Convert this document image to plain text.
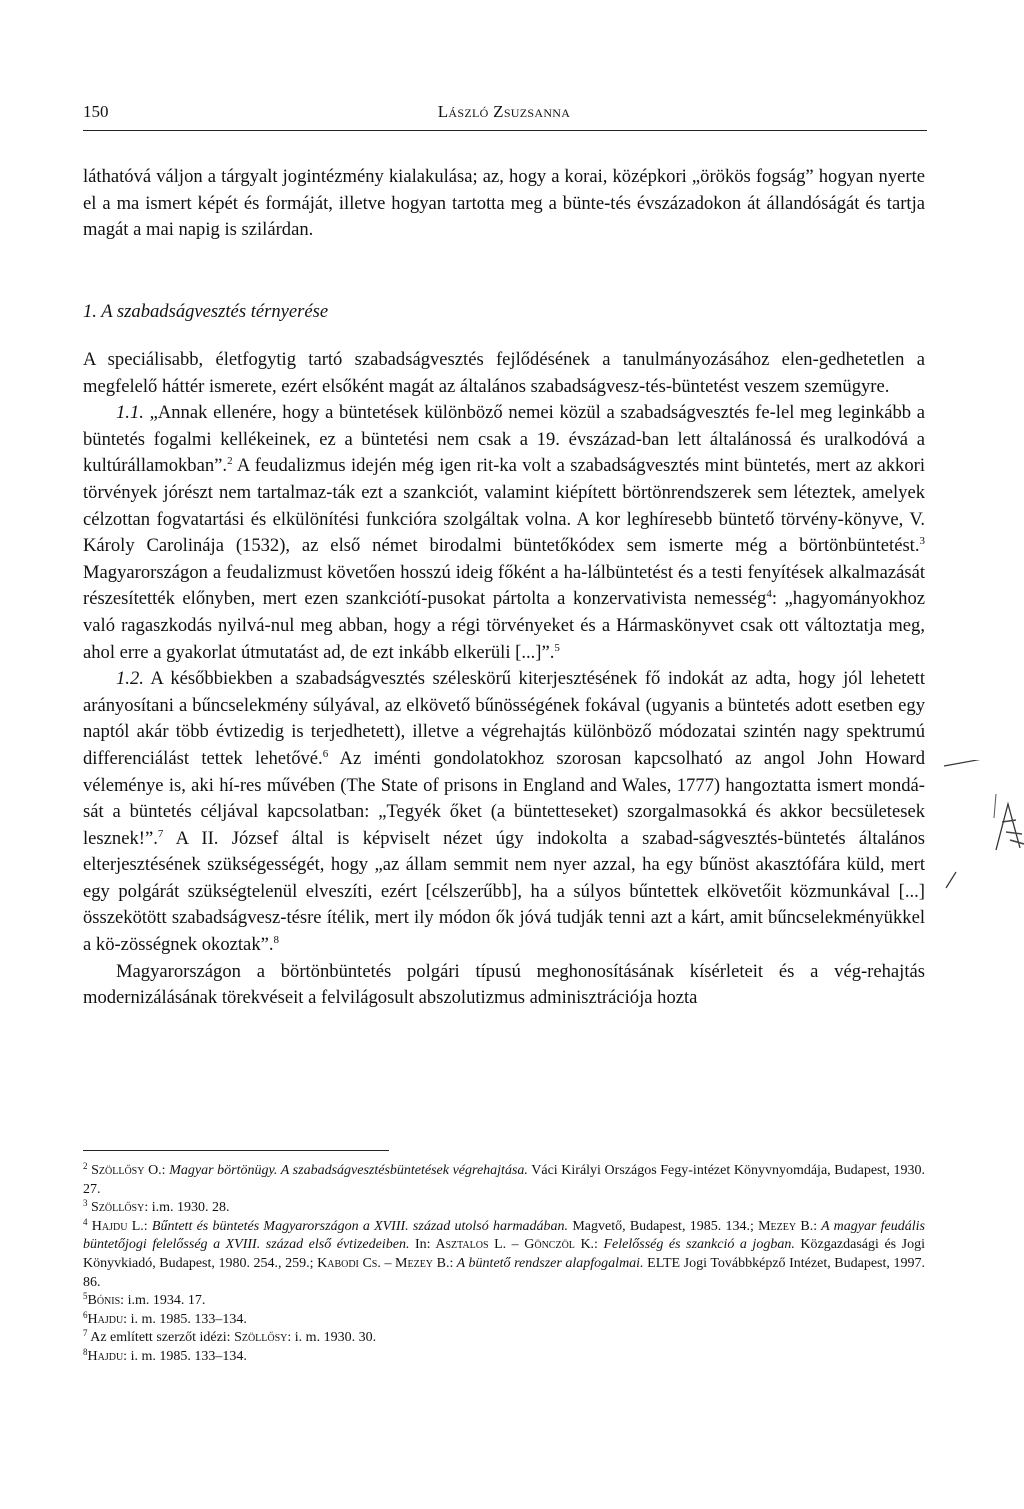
150	László Zsuzsanna

láthatóvá váljon a tárgyalt jogintézmény kialakulása; az, hogy a korai, középkori „örökös fogság” hogyan nyerte el a ma ismert képét és formáját, illetve hogyan tartotta meg a bünte-tés évszázadokon át állandóságát és tartja magát a mai napig is szilárdan.

1. A szabadságvesztés térnyerése

A speciálisabb, életfogytig tartó szabadságvesztés fejlődésének a tanulmányozásához elen-gedhetetlen a megfelelő háttér ismerete, ezért elsőként magát az általános szabadságvesz-tés-büntetést veszem szemügyre.

1.1. „Annak ellenére, hogy a büntetések különböző nemei közül a szabadságvesztés fe-lel meg leginkább a büntetés fogalmi kellékeinek, ez a büntetési nem csak a 19. évszázad-ban lett általánossá és uralkodóvá a kultúrállamokban”.$^2$ A feudalizmus idején még igen rit-ka volt a szabadságvesztés mint büntetés, mert az akkori törvények jórészt nem tartalmaz-ták ezt a szankciót, valamint kiépített börtönrendszerek sem léteztek, amelyek célzottan fogvatartási és elkülönítési funkcióra szolgáltak volna. A kor leghíresebb büntető törvény-könyve, V. Károly Carolinája (1532), az első német birodalmi büntetőkódex sem ismerte még a börtönbüntetést.$^3$ Magyarországon a feudalizmust követően hosszú ideig főként a ha-lálbüntetést és a testi fenyítések alkalmazását részesítették előnyben, mert ezen szankciótí-pusokat pártolta a konzervativista nemesség$^4$: „hagyományokhoz való ragaszkodás nyilvá-nul meg abban, hogy a régi törvényeket és a Hármaskönyvet csak ott változtatja meg, ahol erre a gyakorlat útmutatást ad, de ezt inkább elkerüli [...]”.$^5$

1.2. A későbbiekben a szabadságvesztés széleskörű kiterjesztésének fő indokát az adta, hogy jól lehetett arányosítani a bűncselekmény súlyával, az elkövető bűnösségének fokával (ugyanis a büntetés adott esetben egy naptól akár több évtizedig is terjedhetett), illetve a végrehajtás különböző módozatai szintén nagy spektrumú differenciálást tettek lehetővé.$^6$ Az iménti gondolatokhoz szorosan kapcsolható az angol John Howard véleménye is, aki hí-res művében (The State of prisons in England and Wales, 1777) hangoztatta ismert mondá-sát a büntetés céljával kapcsolatban: „Tegyék őket (a büntetteseket) szorgalmasokká és akkor becsületesek lesznek!”.$^7$ A II. József által is képviselt nézet úgy indokolta a szabad-ságvesztés-büntetés általános elterjesztésének szükségességét, hogy „az állam semmit nem nyer azzal, ha egy bűnöst akasztófára küld, mert egy polgárát szükségtelenül elveszíti, ezért [célszerűbb], ha a súlyos bűntettek elkövetőit közmunkával [...] összekötött szabadságvesz-tésre ítélik, mert ily módon ők jóvá tudják tenni azt a kárt, amit bűncselekményükkel a kö-zösségnek okoztak”.$^8$

Magyarországon a börtönbüntetés polgári típusú meghonosításának kísérleteit és a vég-rehajtás modernizálásának törekvéseit a felvilágosult abszolutizmus adminisztrációja hozta

$^2$ Szöllősy O.: Magyar börtönügy. A szabadságvesztésbüntetések végrehajtása. Váci Királyi Országos Fegy-intézet Könyvnyomdája, Budapest, 1930. 27.

$^3$ Szöllősy: i.m. 1930. 28.

$^4$ Hajdu L.: Bűntett és büntetés Magyarországon a XVIII. század utolsó harmadában. Magvető, Budapest, 1985. 134.; Mezey B.: A magyar feudális büntetőjogi felelősség a XVIII. század első évtizedeiben. In: Asztalos L. – Gönczöl K.: Felelősség és szankció a jogban. Közgazdasági és Jogi Könyvkiadó, Budapest, 1980. 254., 259.; Kabodi Cs. – Mezey B.: A büntető rendszer alapfogalmai. ELTE Jogi Továbbképző Intézet, Budapest, 1997. 86.

$^5$Bónis: i.m. 1934. 17.

$^6$Hajdu: i. m. 1985. 133–134.

$^7$ Az említett szerzőt idézi: Szöllősy: i. m. 1930. 30.

$^8$Hajdu: i. m. 1985. 133–134.
